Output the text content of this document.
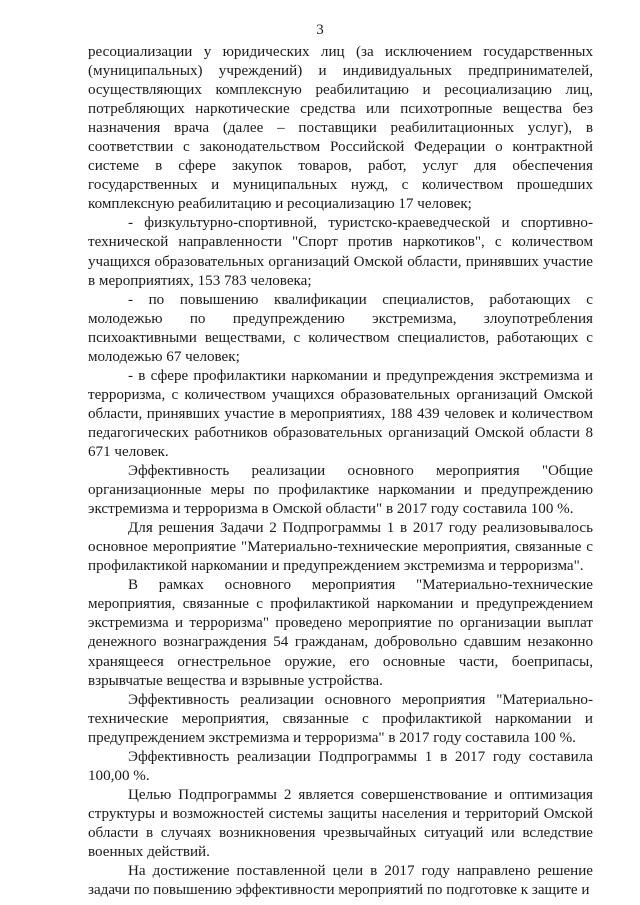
3

ресоциализации у юридических лиц (за исключением государственных (муниципальных) учреждений) и индивидуальных предпринимателей, осуществляющих комплексную реабилитацию и ресоциализацию лиц, потребляющих наркотические средства или психотропные вещества без назначения врача (далее – поставщики реабилитационных услуг), в соответствии с законодательством Российской Федерации о контрактной системе в сфере закупок товаров, работ, услуг для обеспечения государственных и муниципальных нужд, с количеством прошедших комплексную реабилитацию и ресоциализацию 17 человек;

- физкультурно-спортивной, туристско-краеведческой и спортивно-технической направленности "Спорт против наркотиков", с количеством учащихся образовательных организаций Омской области, принявших участие в мероприятиях, 153 783 человека;

- по повышению квалификации специалистов, работающих с молодежью по предупреждению экстремизма, злоупотребления психоактивными веществами, с количеством специалистов, работающих с молодежью 67 человек;

- в сфере профилактики наркомании и предупреждения экстремизма и терроризма, с количеством учащихся образовательных организаций Омской области, принявших участие в мероприятиях, 188 439 человек и количеством педагогических работников образовательных организаций Омской области 8 671 человек.

Эффективность реализации основного мероприятия "Общие организационные меры по профилактике наркомании и предупреждению экстремизма и терроризма в Омской области" в 2017 году составила 100 %.

Для решения Задачи 2 Подпрограммы 1 в 2017 году реализовывалось основное мероприятие "Материально-технические мероприятия, связанные с профилактикой наркомании и предупреждением экстремизма и терроризма".

В рамках основного мероприятия "Материально-технические мероприятия, связанные с профилактикой наркомании и предупреждением экстремизма и терроризма" проведено мероприятие по организации выплат денежного вознаграждения 54 гражданам, добровольно сдавшим незаконно хранящееся огнестрельное оружие, его основные части, боеприпасы, взрывчатые вещества и взрывные устройства.

Эффективность реализации основного мероприятия "Материально-технические мероприятия, связанные с профилактикой наркомании и предупреждением экстремизма и терроризма" в 2017 году составила 100 %.

Эффективность реализации Подпрограммы 1 в 2017 году составила 100,00 %.

Целью Подпрограммы 2 является совершенствование и оптимизация структуры и возможностей системы защиты населения и территорий Омской области в случаях возникновения чрезвычайных ситуаций или вследствие военных действий.

На достижение поставленной цели в 2017 году направлено решение задачи по повышению эффективности мероприятий по подготовке к защите и
